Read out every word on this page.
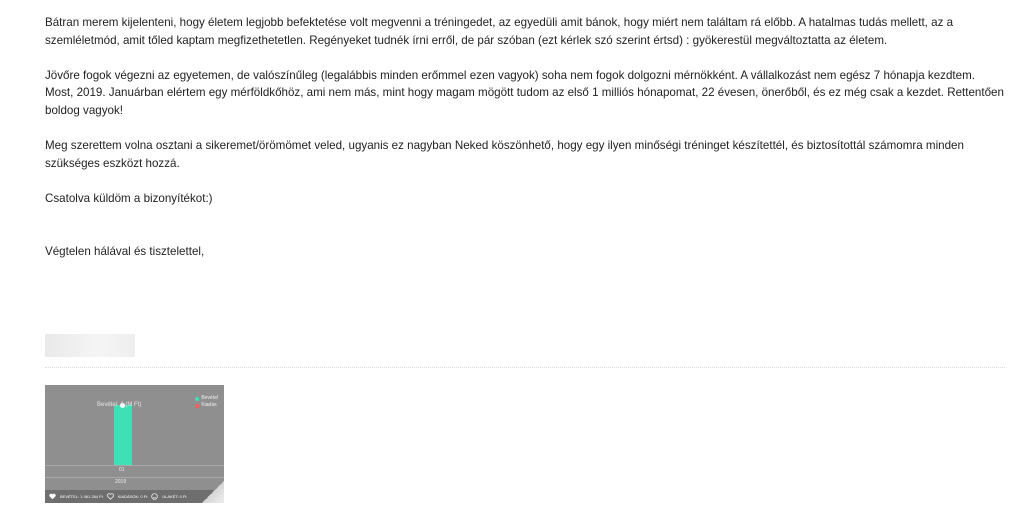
Bátran merem kijelenteni, hogy életem legjobb befektetése volt megvenni a tréningedet, az egyedüli amit bánok, hogy miért nem találtam rá előbb. A hatalmas tudás mellett, az a szemléletmód, amit tőled kaptam megfizethetetlen. Regényeket tudnék írni erről, de pár szóban (ezt kérlek szó szerint értsd) : gyökerestül megváltoztatta az életem.

Jövőre fogok végezni az egyetemen, de valószínűleg (legalábbis minden erőmmel ezen vagyok) soha nem fogok dolgozni mérnökként. A vállalkozást nem egész 7 hónapja kezdtem.

Most, 2019. Januárban elértem egy mérföldkőhöz, ami nem más, mint hogy magam mögött tudom az első 1 milliós hónapomat, 22 évesen, önerőből, és ez még csak a kezdet. Rettentően boldog vagyok!

Meg szerettem volna osztani a sikeremet/örömömet veled, ugyanis ez nagyban Neked köszönhető, hogy egy ilyen minőségi tréninget készítettél, és biztosítottál számomra minden szükséges eszközt hozzá.

Csatolva küldöm a bizonyítékot:)

Végtelen hálával és tisztelettel,

Bevétel: 1 (M Ft)
Bevétel
Kiadás
01
2019
BEVÉTEL: 1 061 264 Ft	KIADÁSOK: 0 Ft	ULAKÉT: 0 Ft
